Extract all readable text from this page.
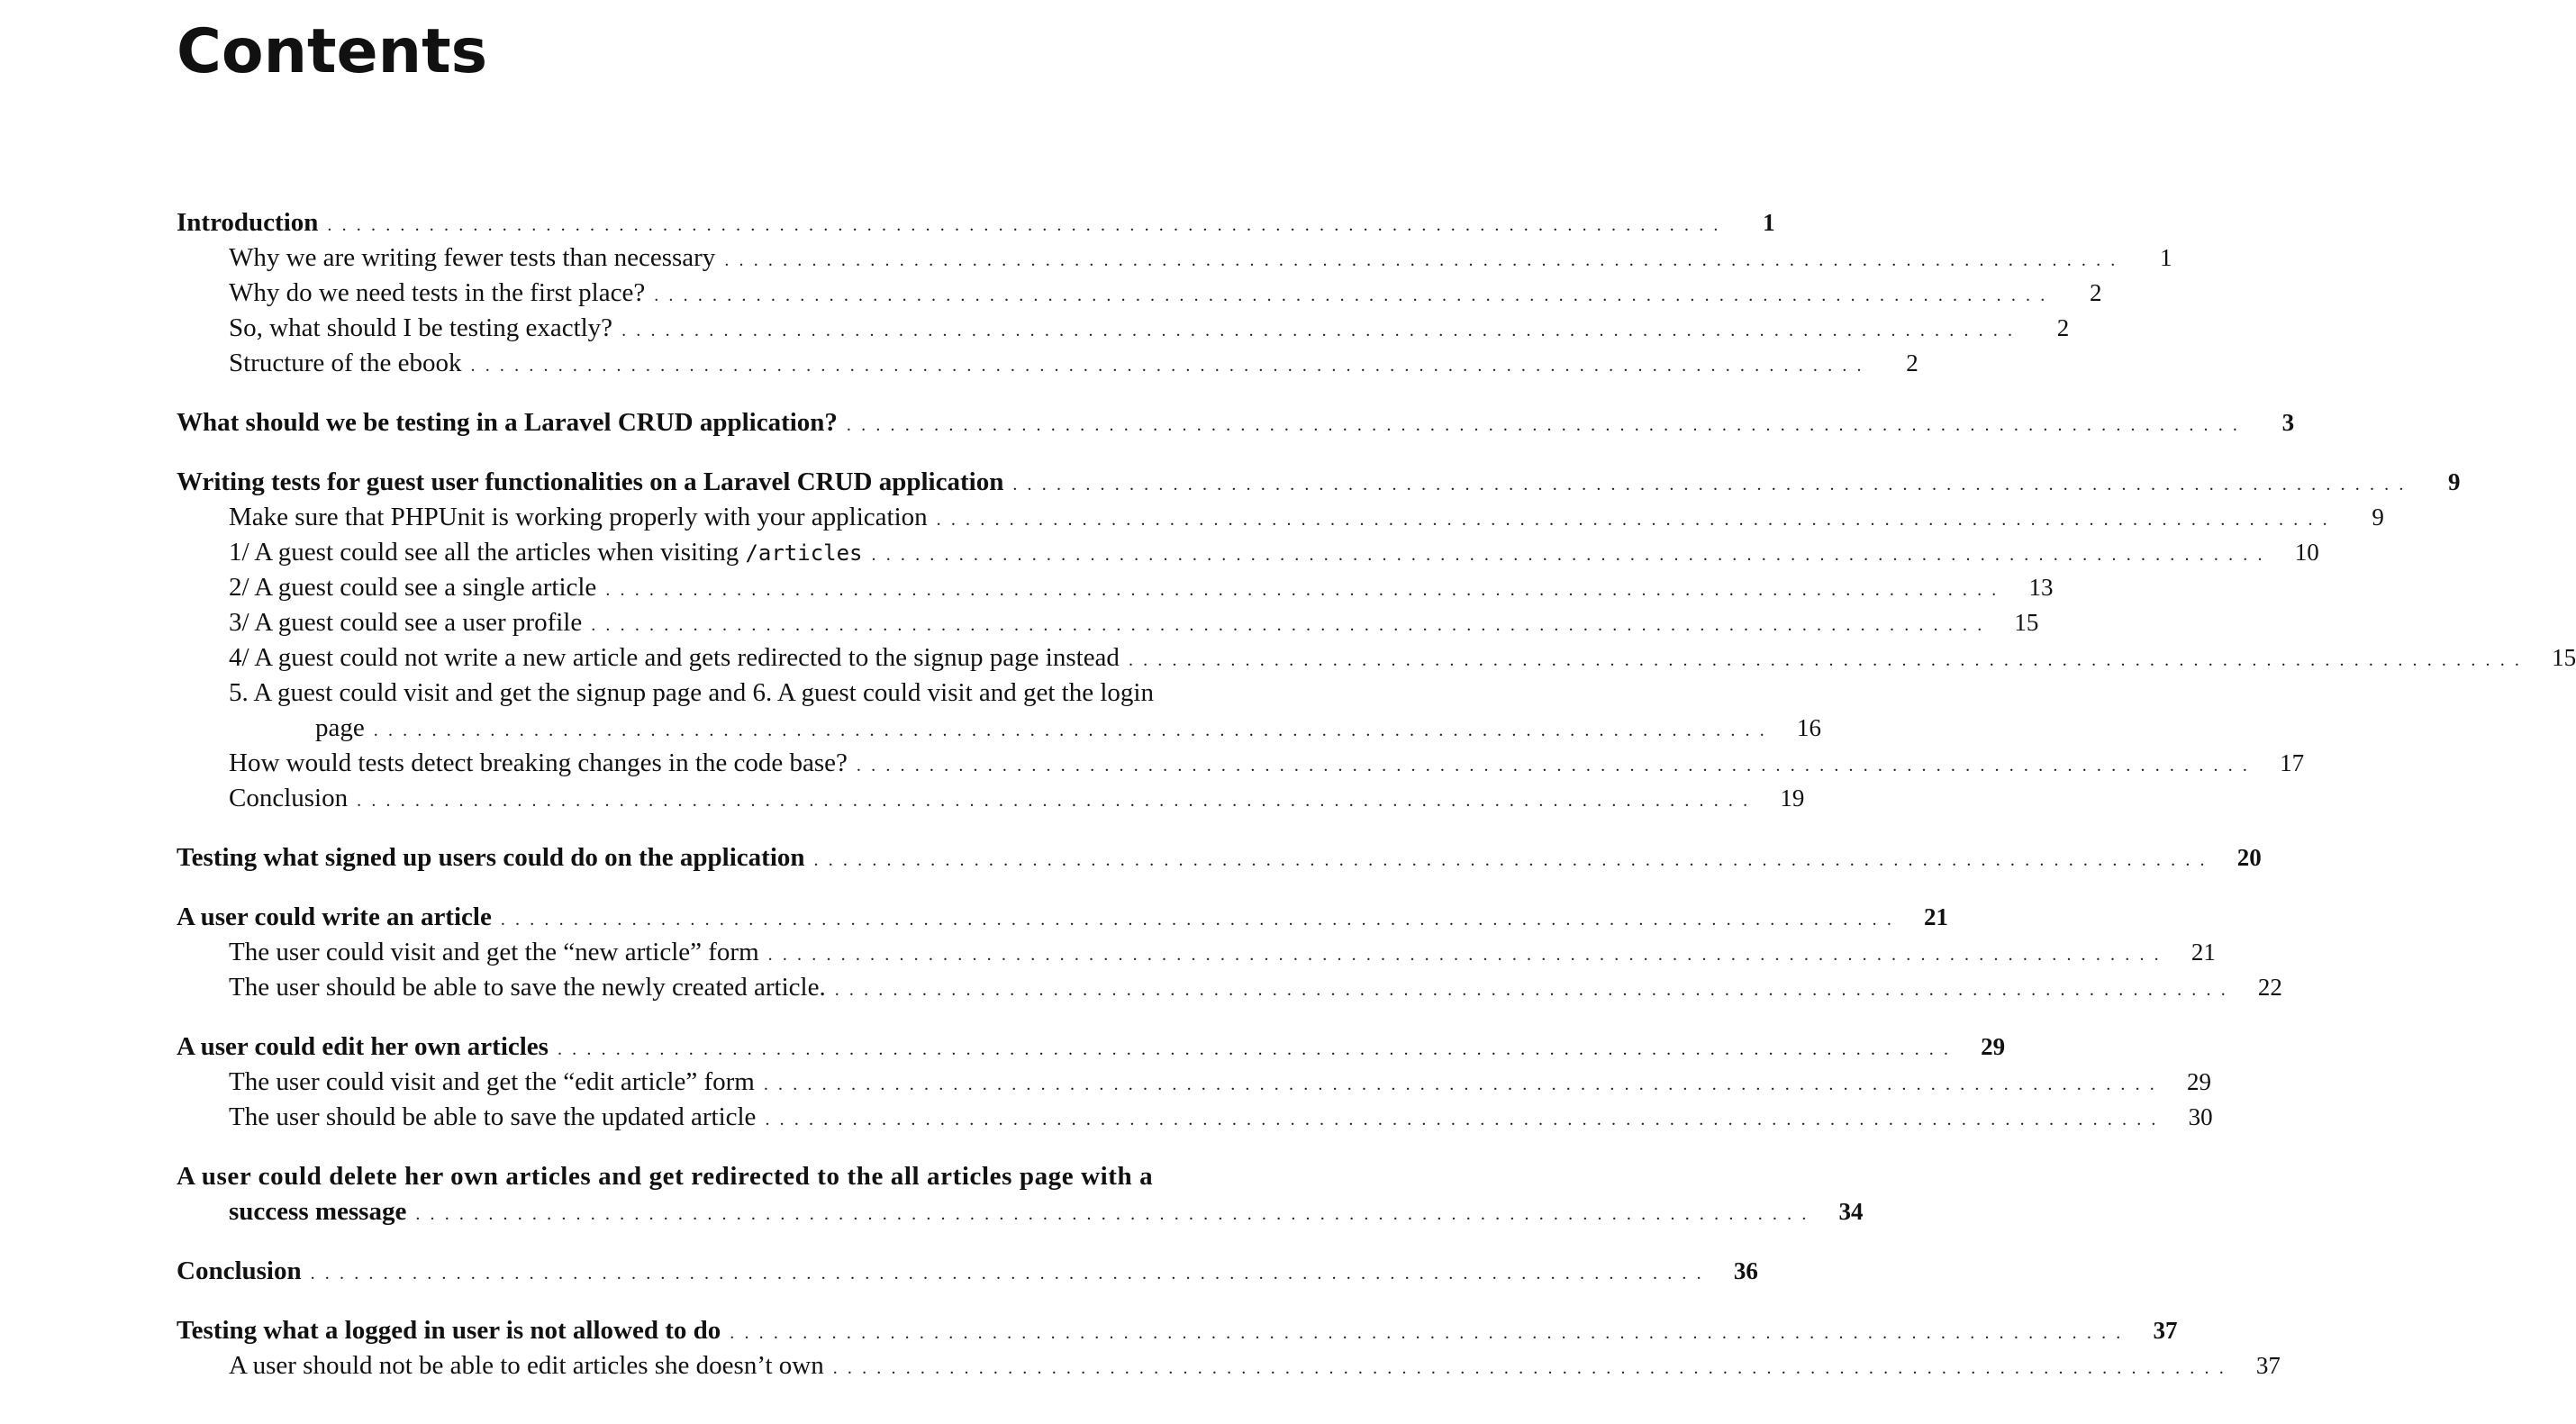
Contents
Introduction ................................................................................................	1
Why we are writing fewer tests than necessary ................................................................................................	1
Why do we need tests in the first place? ................................................................................................	2
So, what should I be testing exactly? ................................................................................................	2
Structure of the ebook ................................................................................................	2
What should we be testing in a Laravel CRUD application? ................................................................................................	3
Writing tests for guest user functionalities on a Laravel CRUD application ................................................................................................	9
Make sure that PHPUnit is working properly with your application ................................................................................................	9
1/ A guest could see all the articles when visiting /articles ................................................................................................ 10
2/ A guest could see a single article ................................................................................................ 13
3/ A guest could see a user profile ................................................................................................ 15
4/ A guest could not write a new article and gets redirected to the signup page instead ................................................................................................ 15
5. A guest could visit and get the signup page and 6. A guest could visit and get the login
page ................................................................................................ 16
How would tests detect breaking changes in the code base? ................................................................................................ 17
Conclusion ................................................................................................ 19
Testing what signed up users could do on the application ................................................................................................ 20
A user could write an article ................................................................................................ 21
The user could visit and get the “new article” form ................................................................................................ 21
The user should be able to save the newly created article. ................................................................................................ 22
A user could edit her own articles ................................................................................................ 29
The user could visit and get the “edit article” form ................................................................................................ 29
The user should be able to save the updated article ................................................................................................ 30
A user could delete her own articles and get redirected to the all articles page with a
success message ................................................................................................ 34
Conclusion ................................................................................................ 36
Testing what a logged in user is not allowed to do ................................................................................................ 37
A user should not be able to edit articles she doesn’t own ................................................................................................ 37
